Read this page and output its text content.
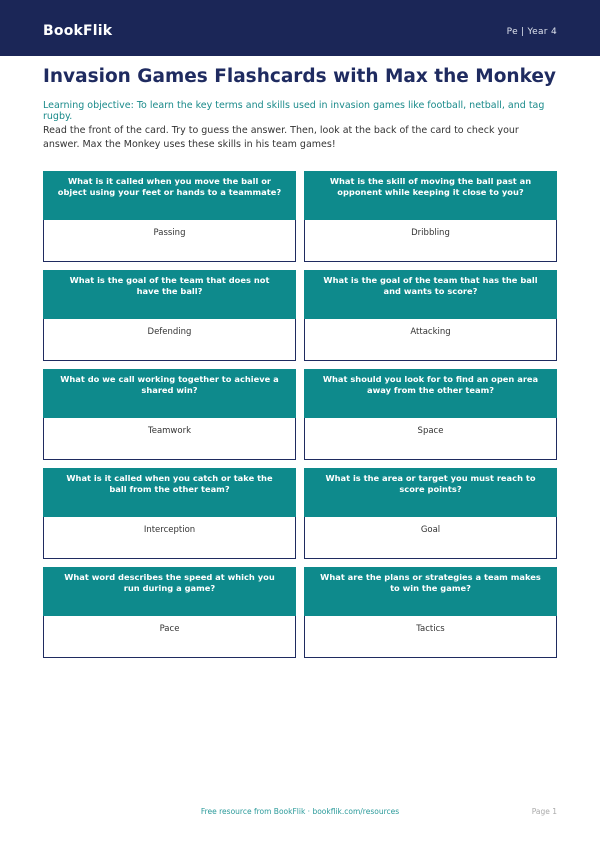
BookFlik	Pe | Year 4
Invasion Games Flashcards with Max the Monkey
Learning objective: To learn the key terms and skills used in invasion games like football, netball, and tag rugby.
Read the front of the card. Try to guess the answer. Then, look at the back of the card to check your answer. Max the Monkey uses these skills in his team games!
What is it called when you move the ball or object using your feet or hands to a teammate?
Passing
What is the skill of moving the ball past an opponent while keeping it close to you?
Dribbling
What is the goal of the team that does not have the ball?
Defending
What is the goal of the team that has the ball and wants to score?
Attacking
What do we call working together to achieve a shared win?
Teamwork
What should you look for to find an open area away from the other team?
Space
What is it called when you catch or take the ball from the other team?
Interception
What is the area or target you must reach to score points?
Goal
What word describes the speed at which you run during a game?
Pace
What are the plans or strategies a team makes to win the game?
Tactics
Free resource from BookFlik · bookflik.com/resources	Page 1
